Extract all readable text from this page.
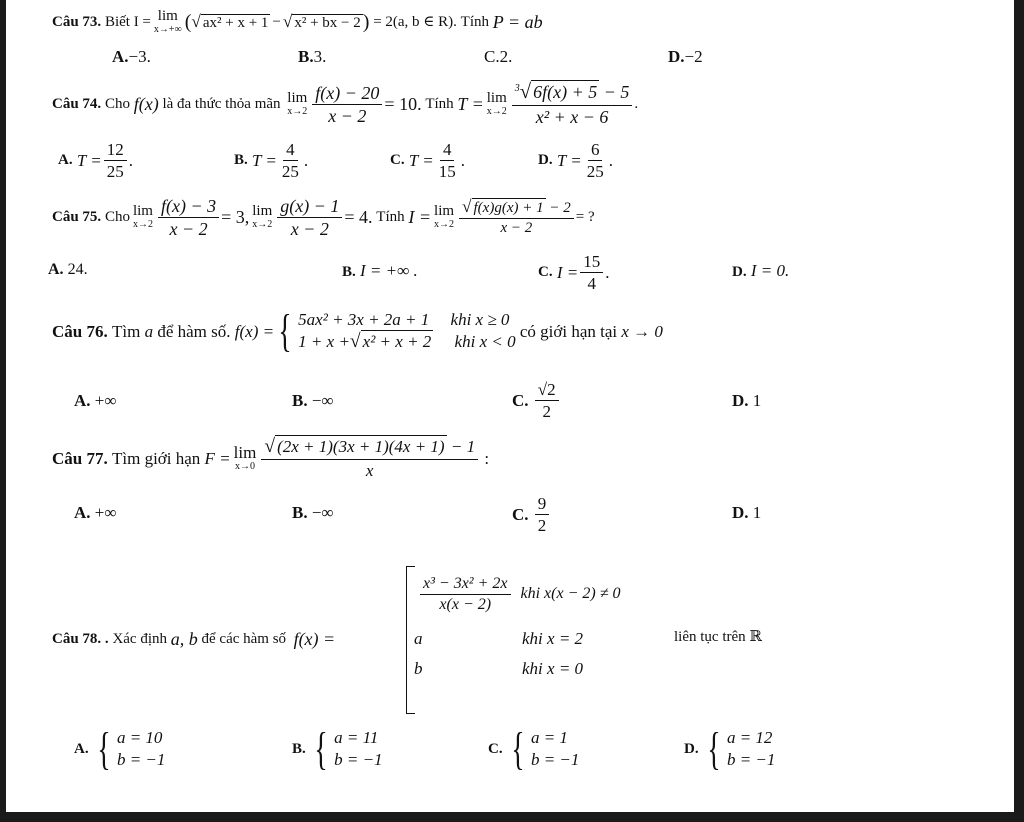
Câu 73.
Biết
I = lim
x→+∞ ( √ ax² + x + 1 − √ x² + bx − 2 )
= 2(a, b ∈ R).
Tính
P = ab
A.−3.	B.3.	C.2.	D.−2
Câu 74.
Cho
f(x)
là đa thức thỏa mãn
lim
$x\to 2 \frac{f(x) - 20}{x - 2} = 10$.
Tính
T = lim
$x\to 2 \frac{^3√ 6f(x) + 5 - 5}{\text{x² + x − 6}}$ .
A.
$T = \frac{12}{25}$ .	B.
$T = \frac{4}{25}$ .	C.
$T = \frac{4}{15}$ .	D.
$T = \frac{6}{25}$ .
Câu 75.
Cho lim
$x\to 2 \frac{f(x) - 3}{x - 2} = 3$, lim
$x\to 2 \frac{g(x) - 1}{x - 2} = 4$.
Tính
I = lim
$x\to 2 \frac{√ f(x)g(x) + 1 - 2}{x - 2}$ = ?
A. 24.	B. I = +∞ .	C.
$I = \frac{15}{4}$ .	D. I = 0.
Câu 76.
Tìm
a
để hàm số.
f(x) = { 5ax² + 3x + 2a + 1 khi x ≥ 0
1 + x +√ x² + x + 2 khi x < 0

có giới hạn tại
x → 0
A. +∞	B. −∞	C.
$\frac{√2}{2}$	D. 1
Câu 77.
Tìm giới hạn
F = lim
$x\to 0 \frac{√ (2x + 1)(3x + 1)(4x + 1) - 1}{x}$
:
A. +∞	B. −∞	C.
$\frac{9}{2}$	D. 1
Câu 78. .
Xác định
a, b
để các hàm số
f(x) =
$\frac{\text{x³ − 3x² + 2x}}{x(x - 2)}$
khi x(x − 2) ≠ 0
a	khi x = 2
b	khi x = 0
liên tục trên ℝ
A.
{ a = 10
b = −1
B.
{ a = 11
b = −1
C.
{ a = 1
b = −1
D.
{ a = 12
b = −1
